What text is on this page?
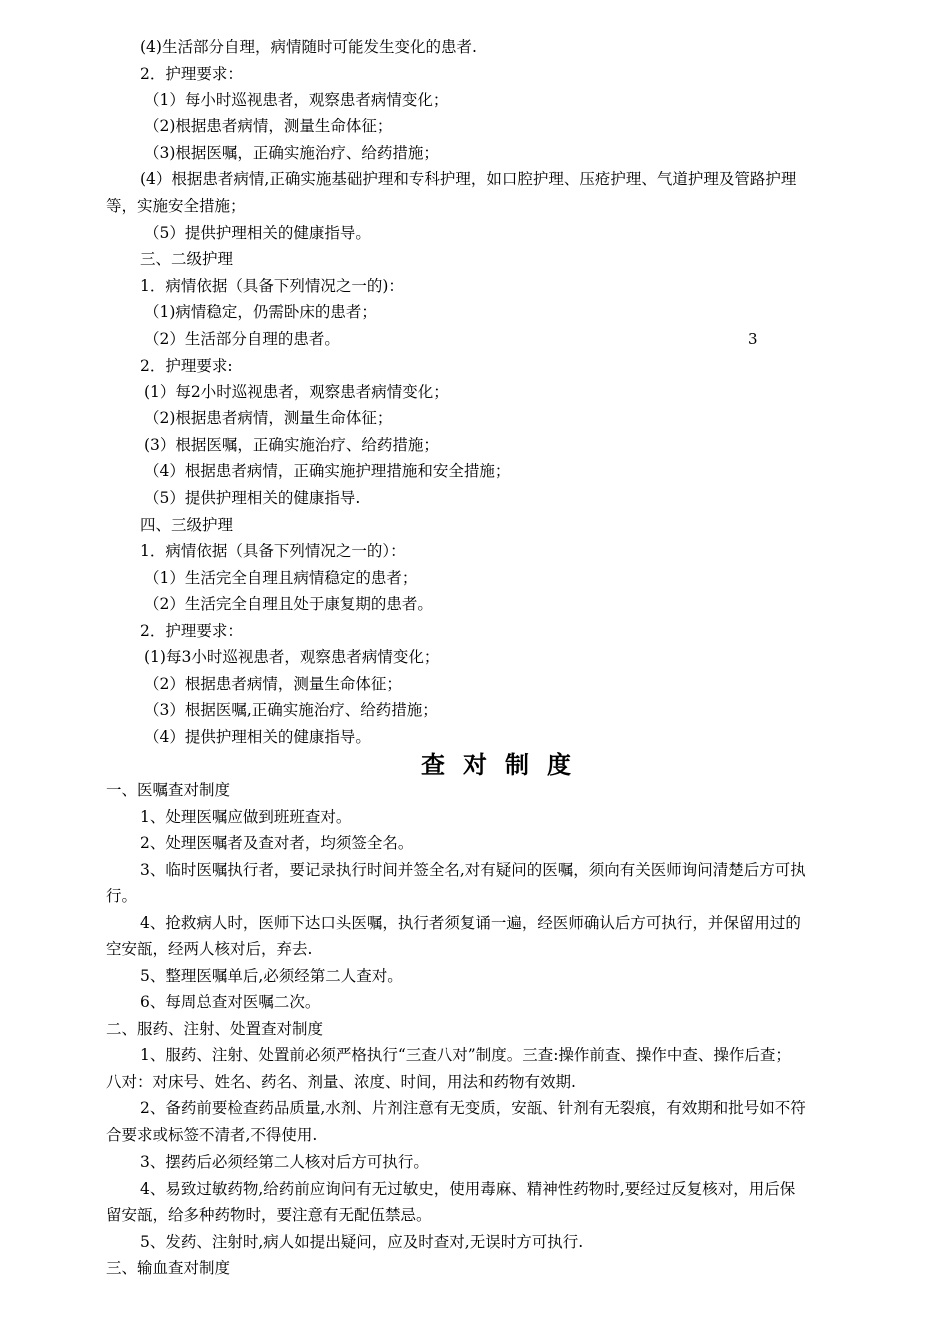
(4)生活部分自理，病情随时可能发生变化的患者.
2．护理要求：
（1）每小时巡视患者，观察患者病情变化；
（2)根据患者病情，测量生命体征；
（3)根据医嘱，正确实施治疗、给药措施；
(4）根据患者病情,正确实施基础护理和专科护理，如口腔护理、压疮护理、气道护理及管路护理
等，实施安全措施；
（5）提供护理相关的健康指导。
三、二级护理
1．病情依据（具备下列情况之一的)：
（1)病情稳定，仍需卧床的患者；
（2）生活部分自理的患者。	3
2．护理要求:
(1）每2小时巡视患者，观察患者病情变化；
（2)根据患者病情，测量生命体征；
(3）根据医嘱，正确实施治疗、给药措施；
（4）根据患者病情，正确实施护理措施和安全措施；
（5）提供护理相关的健康指导.
四、三级护理
1．病情依据（具备下列情况之一的）：
（1）生活完全自理且病情稳定的患者；
（2）生活完全自理且处于康复期的患者。
2．护理要求：
(1)每3小时巡视患者，观察患者病情变化；
（2）根据患者病情，测量生命体征；
（3）根据医嘱,正确实施治疗、给药措施；
（4）提供护理相关的健康指导。
查对制度
一、医嘱查对制度
1、处理医嘱应做到班班查对。
2、处理医嘱者及查对者，均须签全名。
3、临时医嘱执行者，要记录执行时间并签全名,对有疑问的医嘱，须向有关医师询问清楚后方可执
行。
4、抢救病人时，医师下达口头医嘱，执行者须复诵一遍，经医师确认后方可执行，并保留用过的
空安瓿，经两人核对后，弃去.
5、整理医嘱单后,必须经第二人查对。
6、每周总查对医嘱二次。
二、服药、注射、处置查对制度
1、服药、注射、处置前必须严格执行“三查八对”制度。三查:操作前查、操作中查、操作后查；
八对：对床号、姓名、药名、剂量、浓度、时间，用法和药物有效期.
2、备药前要检查药品质量,水剂、片剂注意有无变质，安瓿、针剂有无裂痕，有效期和批号如不符
合要求或标签不清者,不得使用.
3、摆药后必须经第二人核对后方可执行。
4、易致过敏药物,给药前应询问有无过敏史，使用毒麻、精神性药物时,要经过反复核对，用后保
留安瓿，给多种药物时，要注意有无配伍禁忌。
5、发药、注射时,病人如提出疑问，应及时查对,无误时方可执行.
三、输血查对制度
